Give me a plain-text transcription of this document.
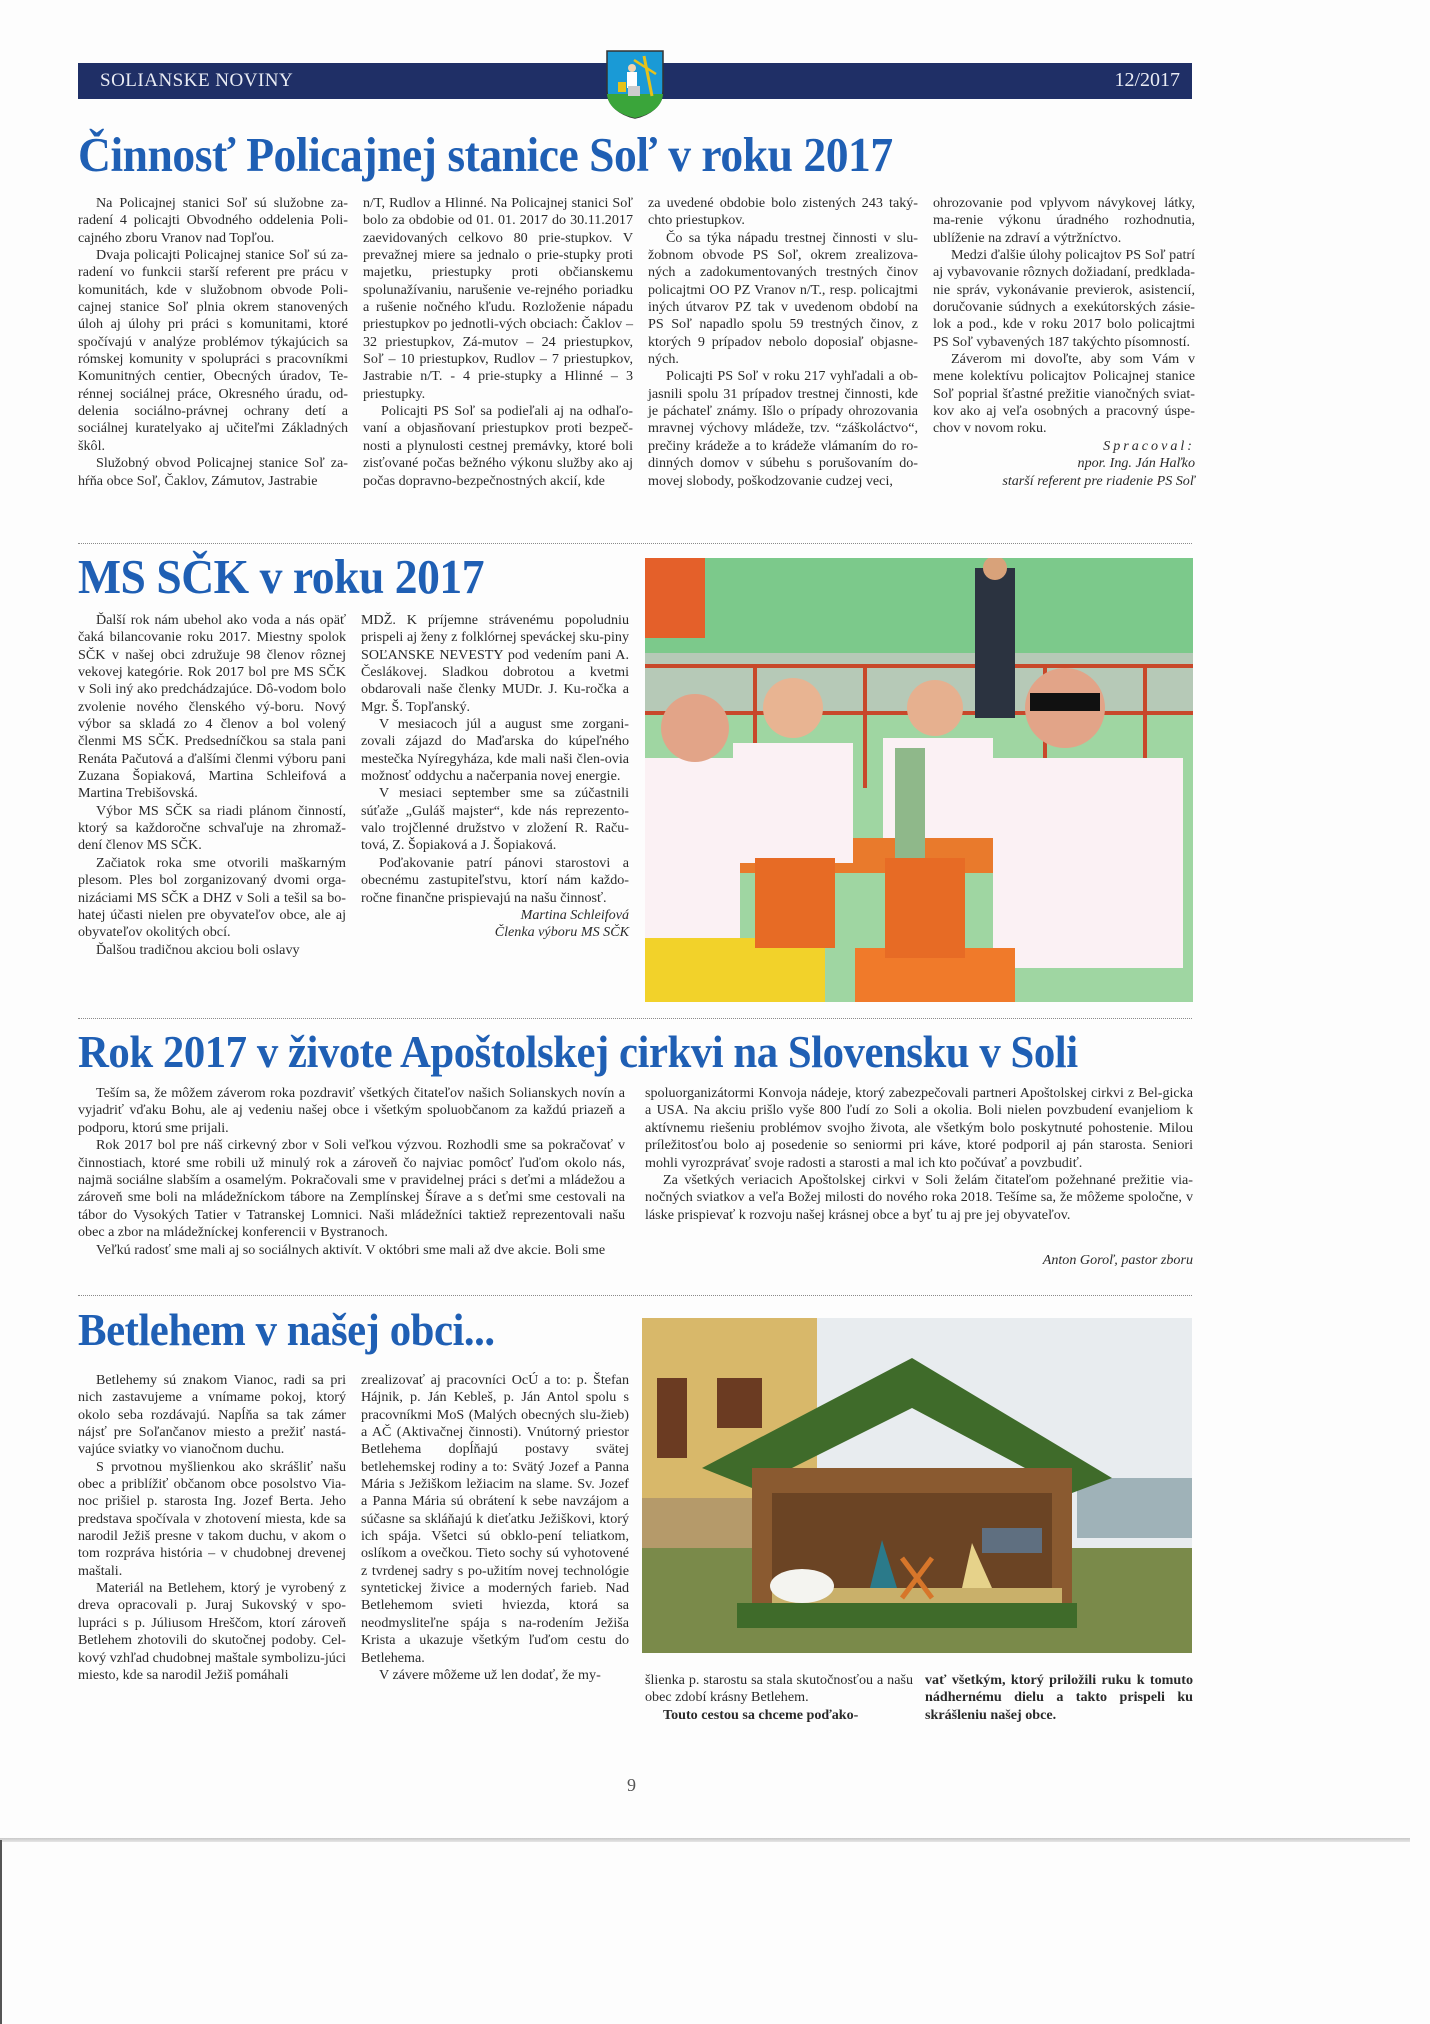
SOLIANSKE NOVINY	12/2017
Činnosť Policajnej stanice Soľ v roku 2017

Na Policajnej stanici Soľ sú služobne za-radení 4 policajti Obvodného oddelenia Poli-cajného zboru Vranov nad Topľou.

Dvaja policajti Policajnej stanice Soľ sú za-radení vo funkcii starší referent pre prácu v komunitách, kde v služobnom obvode Poli-cajnej stanice Soľ plnia okrem stanovených úloh aj úlohy pri práci s komunitami, ktoré spočívajú v analýze problémov týkajúcich sa rómskej komunity v spolupráci s pracovníkmi Komunitných centier, Obecných úradov, Te-rénnej sociálnej práce, Okresného úradu, od-delenia sociálno-právnej ochrany detí a sociálnej kuratelyako aj učiteľmi Základných škôl.

Služobný obvod Policajnej stanice Soľ za-hŕňa obce Soľ, Čaklov, Zámutov, Jastrabie

n/T, Rudlov a Hlinné. Na Policajnej stanici Soľ bolo za obdobie od 01. 01. 2017 do 30.11.2017 zaevidovaných celkovo 80 prie-stupkov. V prevažnej miere sa jednalo o prie-stupky proti majetku, priestupky proti občianskemu spolunažívaniu, narušenie ve-rejného poriadku a rušenie nočného kľudu. Rozloženie nápadu priestupkov po jednotli-vých obciach: Čaklov – 32 priestupkov, Zá-mutov – 24 priestupkov, Soľ – 10 priestupkov, Rudlov – 7 priestupkov, Jastrabie n/T. - 4 prie-stupky a Hlinné – 3 priestupky.

Policajti PS Soľ sa podieľali aj na odhaľo-vaní a objasňovaní priestupkov proti bezpeč-nosti a plynulosti cestnej premávky, ktoré boli zisťované počas bežného výkonu služby ako aj počas dopravno-bezpečnostných akcií, kde

za uvedené obdobie bolo zistených 243 taký-chto priestupkov.

Čo sa týka nápadu trestnej činnosti v slu-žobnom obvode PS Soľ, okrem zrealizova-ných a zadokumentovaných trestných činov policajtmi OO PZ Vranov n/T., resp. policajtmi iných útvarov PZ tak v uvedenom období na PS Soľ napadlo spolu 59 trestných činov, z ktorých 9 prípadov nebolo doposiaľ objasne-ných.

Policajti PS Soľ v roku 217 vyhľadali a ob-jasnili spolu 31 prípadov trestnej činnosti, kde je páchateľ známy. Išlo o prípady ohrozovania mravnej výchovy mládeže, tzv. “záškoláctvo“, prečiny krádeže a to krádeže vlámaním do ro-dinných domov v súbehu s porušovaním do-movej slobody, poškodzovanie cudzej veci,

ohrozovanie pod vplyvom návykovej látky, ma-renie výkonu úradného rozhodnutia, ublíženie na zdraví a výtržníctvo.

Medzi ďalšie úlohy policajtov PS Soľ patrí aj vybavovanie rôznych dožiadaní, predklada-nie správ, vykonávanie previerok, asistencií, doručovanie súdnych a exekútorských zásie-lok a pod., kde v roku 2017 bolo policajtmi PS Soľ vybavených 187 takýchto písomností.

Záverom mi dovoľte, aby som Vám v mene kolektívu policajtov Policajnej stanice Soľ poprial šťastné prežitie vianočných sviat-kov ako aj veľa osobných a pracovný úspe-chov v novom roku.

Spracoval:

npor. Ing. Ján Haľko

starší referent pre riadenie PS Soľ

MS SČK v roku 2017

Ďalší rok nám ubehol ako voda a nás opäť čaká bilancovanie roku 2017. Miestny spolok SČK v našej obci združuje 98 členov rôznej vekovej kategórie. Rok 2017 bol pre MS SČK v Soli iný ako predchádzajúce. Dô-vodom bolo zvolenie nového členského vý-boru. Nový výbor sa skladá zo 4 členov a bol volený členmi MS SČK. Predsedníčkou sa stala pani Renáta Pačutová a ďalšími členmi výboru pani Zuzana Šopiaková, Martina Schleifová a Martina Trebišovská.

Výbor MS SČK sa riadi plánom činností, ktorý sa každoročne schvaľuje na zhromaž-dení členov MS SČK.

Začiatok roka sme otvorili maškarným plesom. Ples bol zorganizovaný dvomi orga-nizáciami MS SČK a DHZ v Soli a tešil sa bo-hatej účasti nielen pre obyvateľov obce, ale aj obyvateľov okolitých obcí.

Ďalšou tradičnou akciou boli oslavy

MDŽ. K príjemne strávenému popoludniu prispeli aj ženy z folklórnej speváckej sku-piny SOĽANSKE NEVESTY pod vedením pani A. Česlákovej. Sladkou dobrotou a kvetmi obdarovali naše členky MUDr. J. Ku-ročka a Mgr. Š. Topľanský.

V mesiacoch júl a august sme zorgani-zovali zájazd do Maďarska do kúpeľného mestečka Nyíregyháza, kde mali naši člen-ovia možnosť oddychu a načerpania novej energie.

V mesiaci september sme sa zúčastnili súťaže „Guláš majster“, kde nás reprezento-valo trojčlenné družstvo v zložení R. Raču-tová, Z. Šopiaková a J. Šopiaková.

Poďakovanie patrí pánovi starostovi a obecnému zastupiteľstvu, ktorí nám každo-ročne finančne prispievajú na našu činnosť.

Martina Schleifová

Členka výboru MS SČK

Rok 2017 v živote Apoštolskej cirkvi na Slovensku v Soli

Teším sa, že môžem záverom roka pozdraviť všetkých čitateľov našich Solianskych novín a vyjadriť vďaku Bohu, ale aj vedeniu našej obce i všetkým spoluobčanom za každú priazeň a podporu, ktorú sme prijali.

Rok 2017 bol pre náš cirkevný zbor v Soli veľkou výzvou. Rozhodli sme sa pokračovať v činnostiach, ktoré sme robili už minulý rok a zároveň čo najviac pomôcť ľuďom okolo nás, najmä sociálne slabším a osamelým. Pokračovali sme v pravidelnej práci s deťmi a mládežou a zároveň sme boli na mládežníckom tábore na Zemplínskej Šírave a s deťmi sme cestovali na tábor do Vysokých Tatier v Tatranskej Lomnici. Naši mládežníci taktiež reprezentovali našu obec a zbor na mládežníckej konferencii v Bystranoch.

Veľkú radosť sme mali aj so sociálnych aktivít. V októbri sme mali až dve akcie. Boli sme

spoluorganizátormi Konvoja nádeje, ktorý zabezpečovali partneri Apoštolskej cirkvi z Bel-gicka a USA. Na akciu prišlo vyše 800 ľudí zo Soli a okolia. Boli nielen povzbudení evanjeliom k aktívnemu riešeniu problémov svojho života, ale všetkým bolo poskytnuté pohostenie. Milou príležitosťou bolo aj posedenie so seniormi pri káve, ktoré podporil aj pán starosta. Seniori mohli vyrozprávať svoje radosti a starosti a mal ich kto počúvať a povzbudiť.

Za všetkých veriacich Apoštolskej cirkvi v Soli želám čitateľom požehnané prežitie via-nočných sviatkov a veľa Božej milosti do nového roka 2018. Tešíme sa, že môžeme spoločne, v láske prispievať k rozvoju našej krásnej obce a byť tu aj pre jej obyvateľov.

Anton Goroľ, pastor zboru

Betlehem v našej obci...

Betlehemy sú znakom Vianoc, radi sa pri nich zastavujeme a vnímame pokoj, ktorý okolo seba rozdávajú. Napĺňa sa tak zámer nájsť pre Soľančanov miesto a prežiť nastá-vajúce sviatky vo vianočnom duchu.

S prvotnou myšlienkou ako skrášliť našu obec a priblížiť občanom obce posolstvo Via-noc prišiel p. starosta Ing. Jozef Berta. Jeho predstava spočívala v zhotovení miesta, kde sa narodil Ježiš presne v takom duchu, v akom o tom rozpráva história – v chudobnej drevenej maštali.

Materiál na Betlehem, ktorý je vyrobený z dreva opracovali p. Juraj Sukovský v spo-lupráci s p. Júliusom Hreščom, ktorí zároveň Betlehem zhotovili do skutočnej podoby. Cel-kový vzhľad chudobnej maštale symbolizu-júci miesto, kde sa narodil Ježiš pomáhali

zrealizovať aj pracovníci OcÚ a to: p. Štefan Hájnik, p. Ján Kebleš, p. Ján Antol spolu s pracovníkmi MoS (Malých obecných slu-žieb) a AČ (Aktivačnej činnosti). Vnútorný priestor Betlehema dopĺňajú postavy svätej betlehemskej rodiny a to: Svätý Jozef a Panna Mária s Ježiškom ležiacim na slame. Sv. Jozef a Panna Mária sú obrátení k sebe navzájom a súčasne sa skláňajú k dieťatku Ježiškovi, ktorý ich spája. Všetci sú obklo-pení teliatkom, oslíkom a ovečkou. Tieto sochy sú vyhotovené z tvrdenej sadry s po-užitím novej technológie syntetickej živice a moderných farieb. Nad Betlehemom svieti hviezda, ktorá sa neodmysliteľne spája s na-rodením Ježiša Krista a ukazuje všetkým ľuďom cestu do Betlehema.

V závere môžeme už len dodať, že my-	šlienka p. starostu sa stala skutočnosťou a našu obec zdobí krásny Betlehem.

Touto cestou sa chceme poďako-

vať všetkým, ktorý priložili ruku k tomuto nádhernému dielu a takto prispeli ku skrášleniu našej obce.

9
